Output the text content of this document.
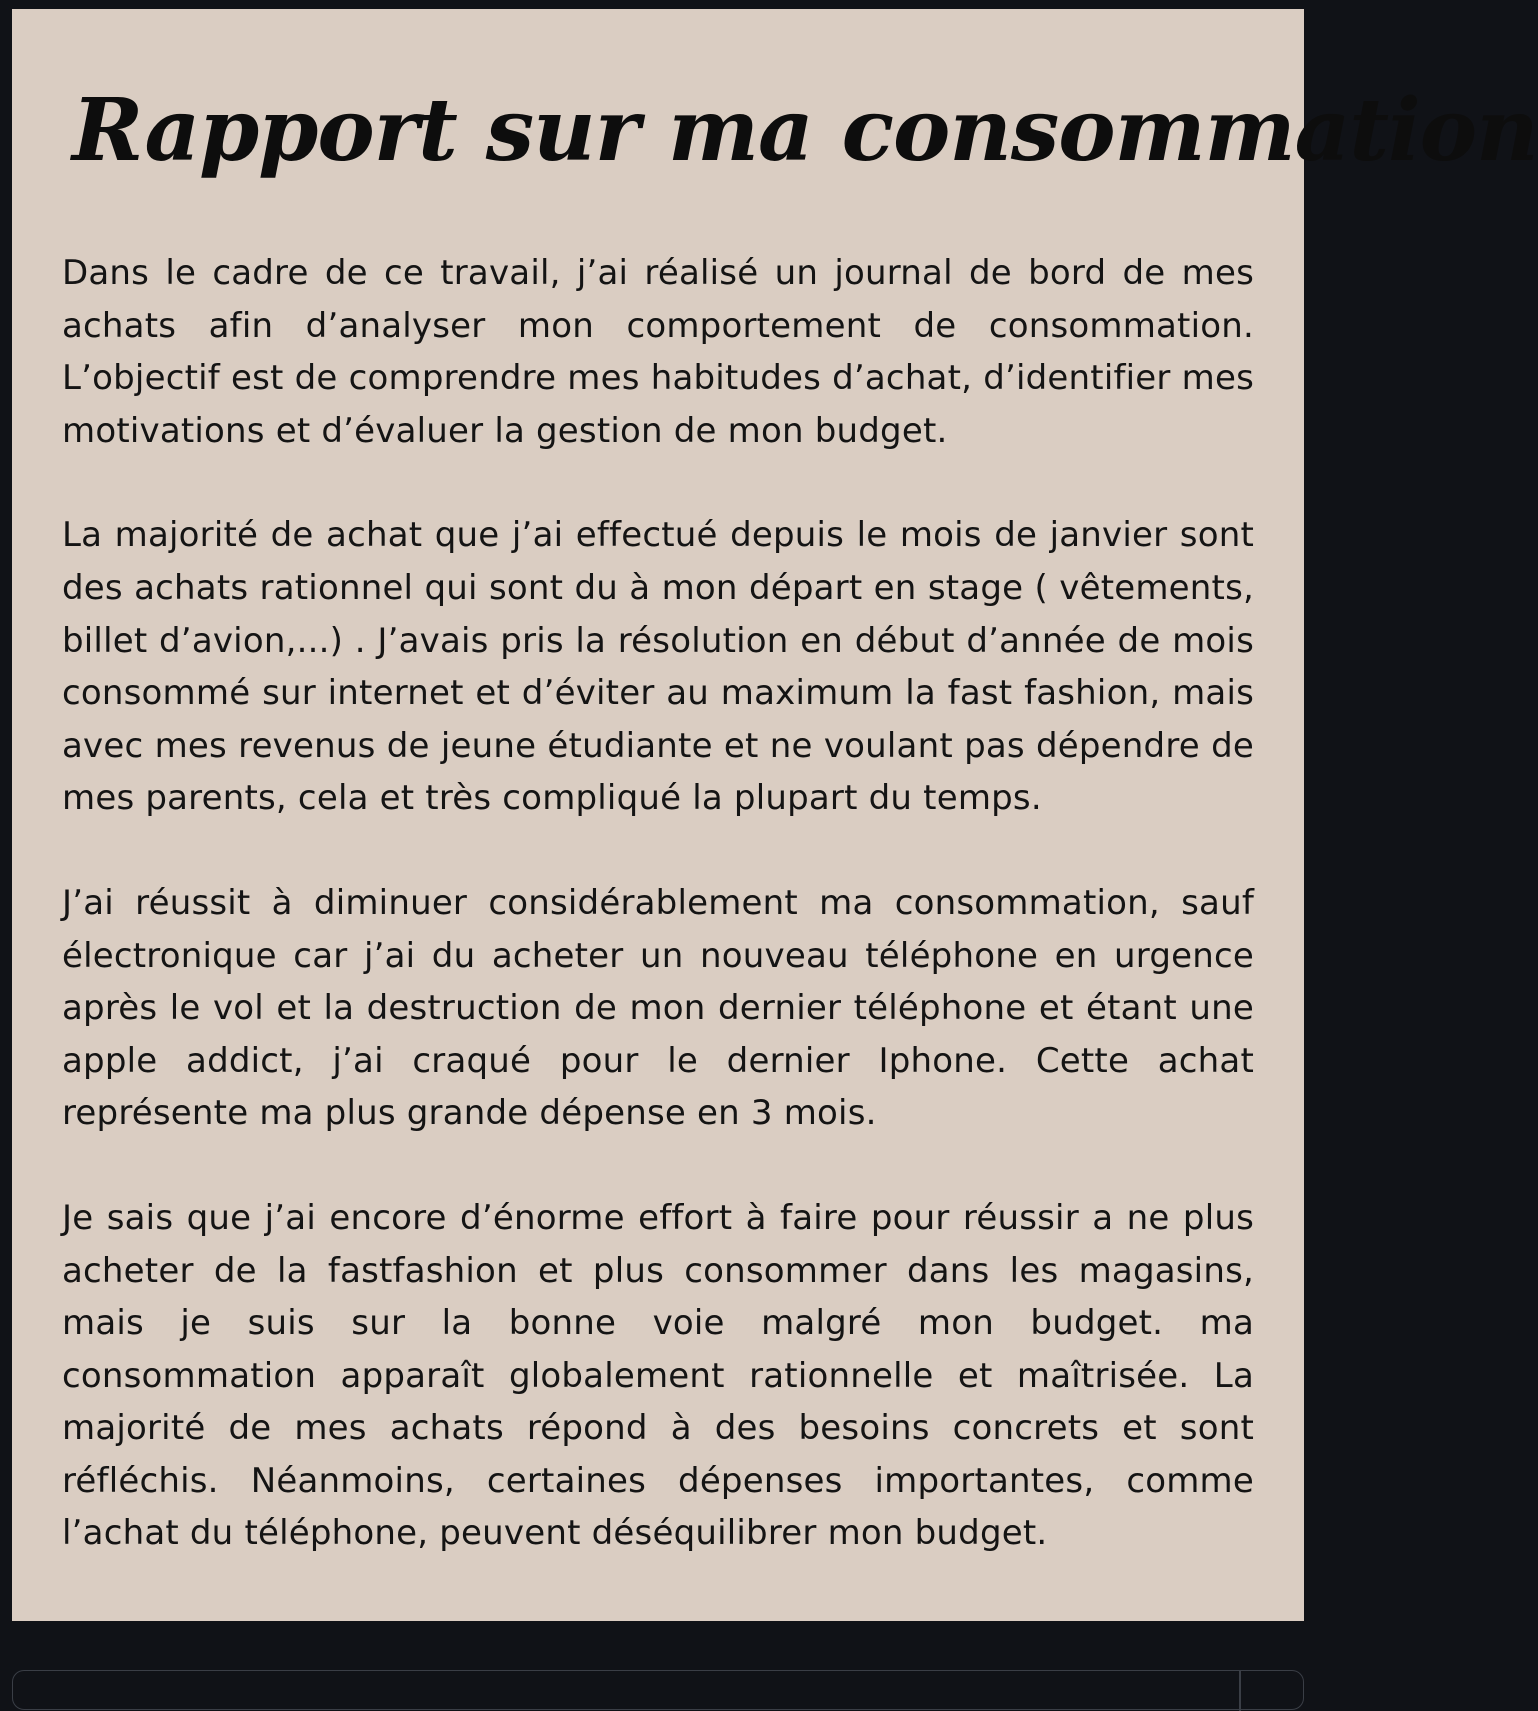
Rapport sur ma consommation

Dans le cadre de ce travail, j’ai réalisé un journal de bord de mes achats afin d’analyser mon comportement de consommation. L’objectif est de comprendre mes habitudes d’achat, d’identifier mes motivations et d’évaluer la gestion de mon budget.

La majorité de achat que j’ai effectué depuis le mois de janvier sont des achats rationnel qui sont du à mon départ en stage ( vêtements, billet d’avion,...) . J’avais pris la résolution en début d’année de mois consommé sur internet et d’éviter au maximum la fast fashion, mais avec mes revenus de jeune étudiante et ne voulant pas dépendre de mes parents, cela et très compliqué la plupart du temps.

J’ai réussit à diminuer considérablement ma consommation, sauf électronique car j’ai du acheter un nouveau téléphone en urgence après le vol et la destruction de mon dernier téléphone et étant une apple addict, j’ai craqué pour le dernier Iphone. Cette achat représente ma plus grande dépense en 3 mois.

Je sais que j’ai encore d’énorme effort à faire pour réussir a ne plus acheter de la fastfashion et plus consommer dans les magasins, mais je suis sur la bonne voie malgré mon budget. ma consommation apparaît globalement rationnelle et maîtrisée. La majorité de mes achats répond à des besoins concrets et sont réfléchis. Néanmoins, certaines dépenses importantes, comme l’achat du téléphone, peuvent déséquilibrer mon budget.
